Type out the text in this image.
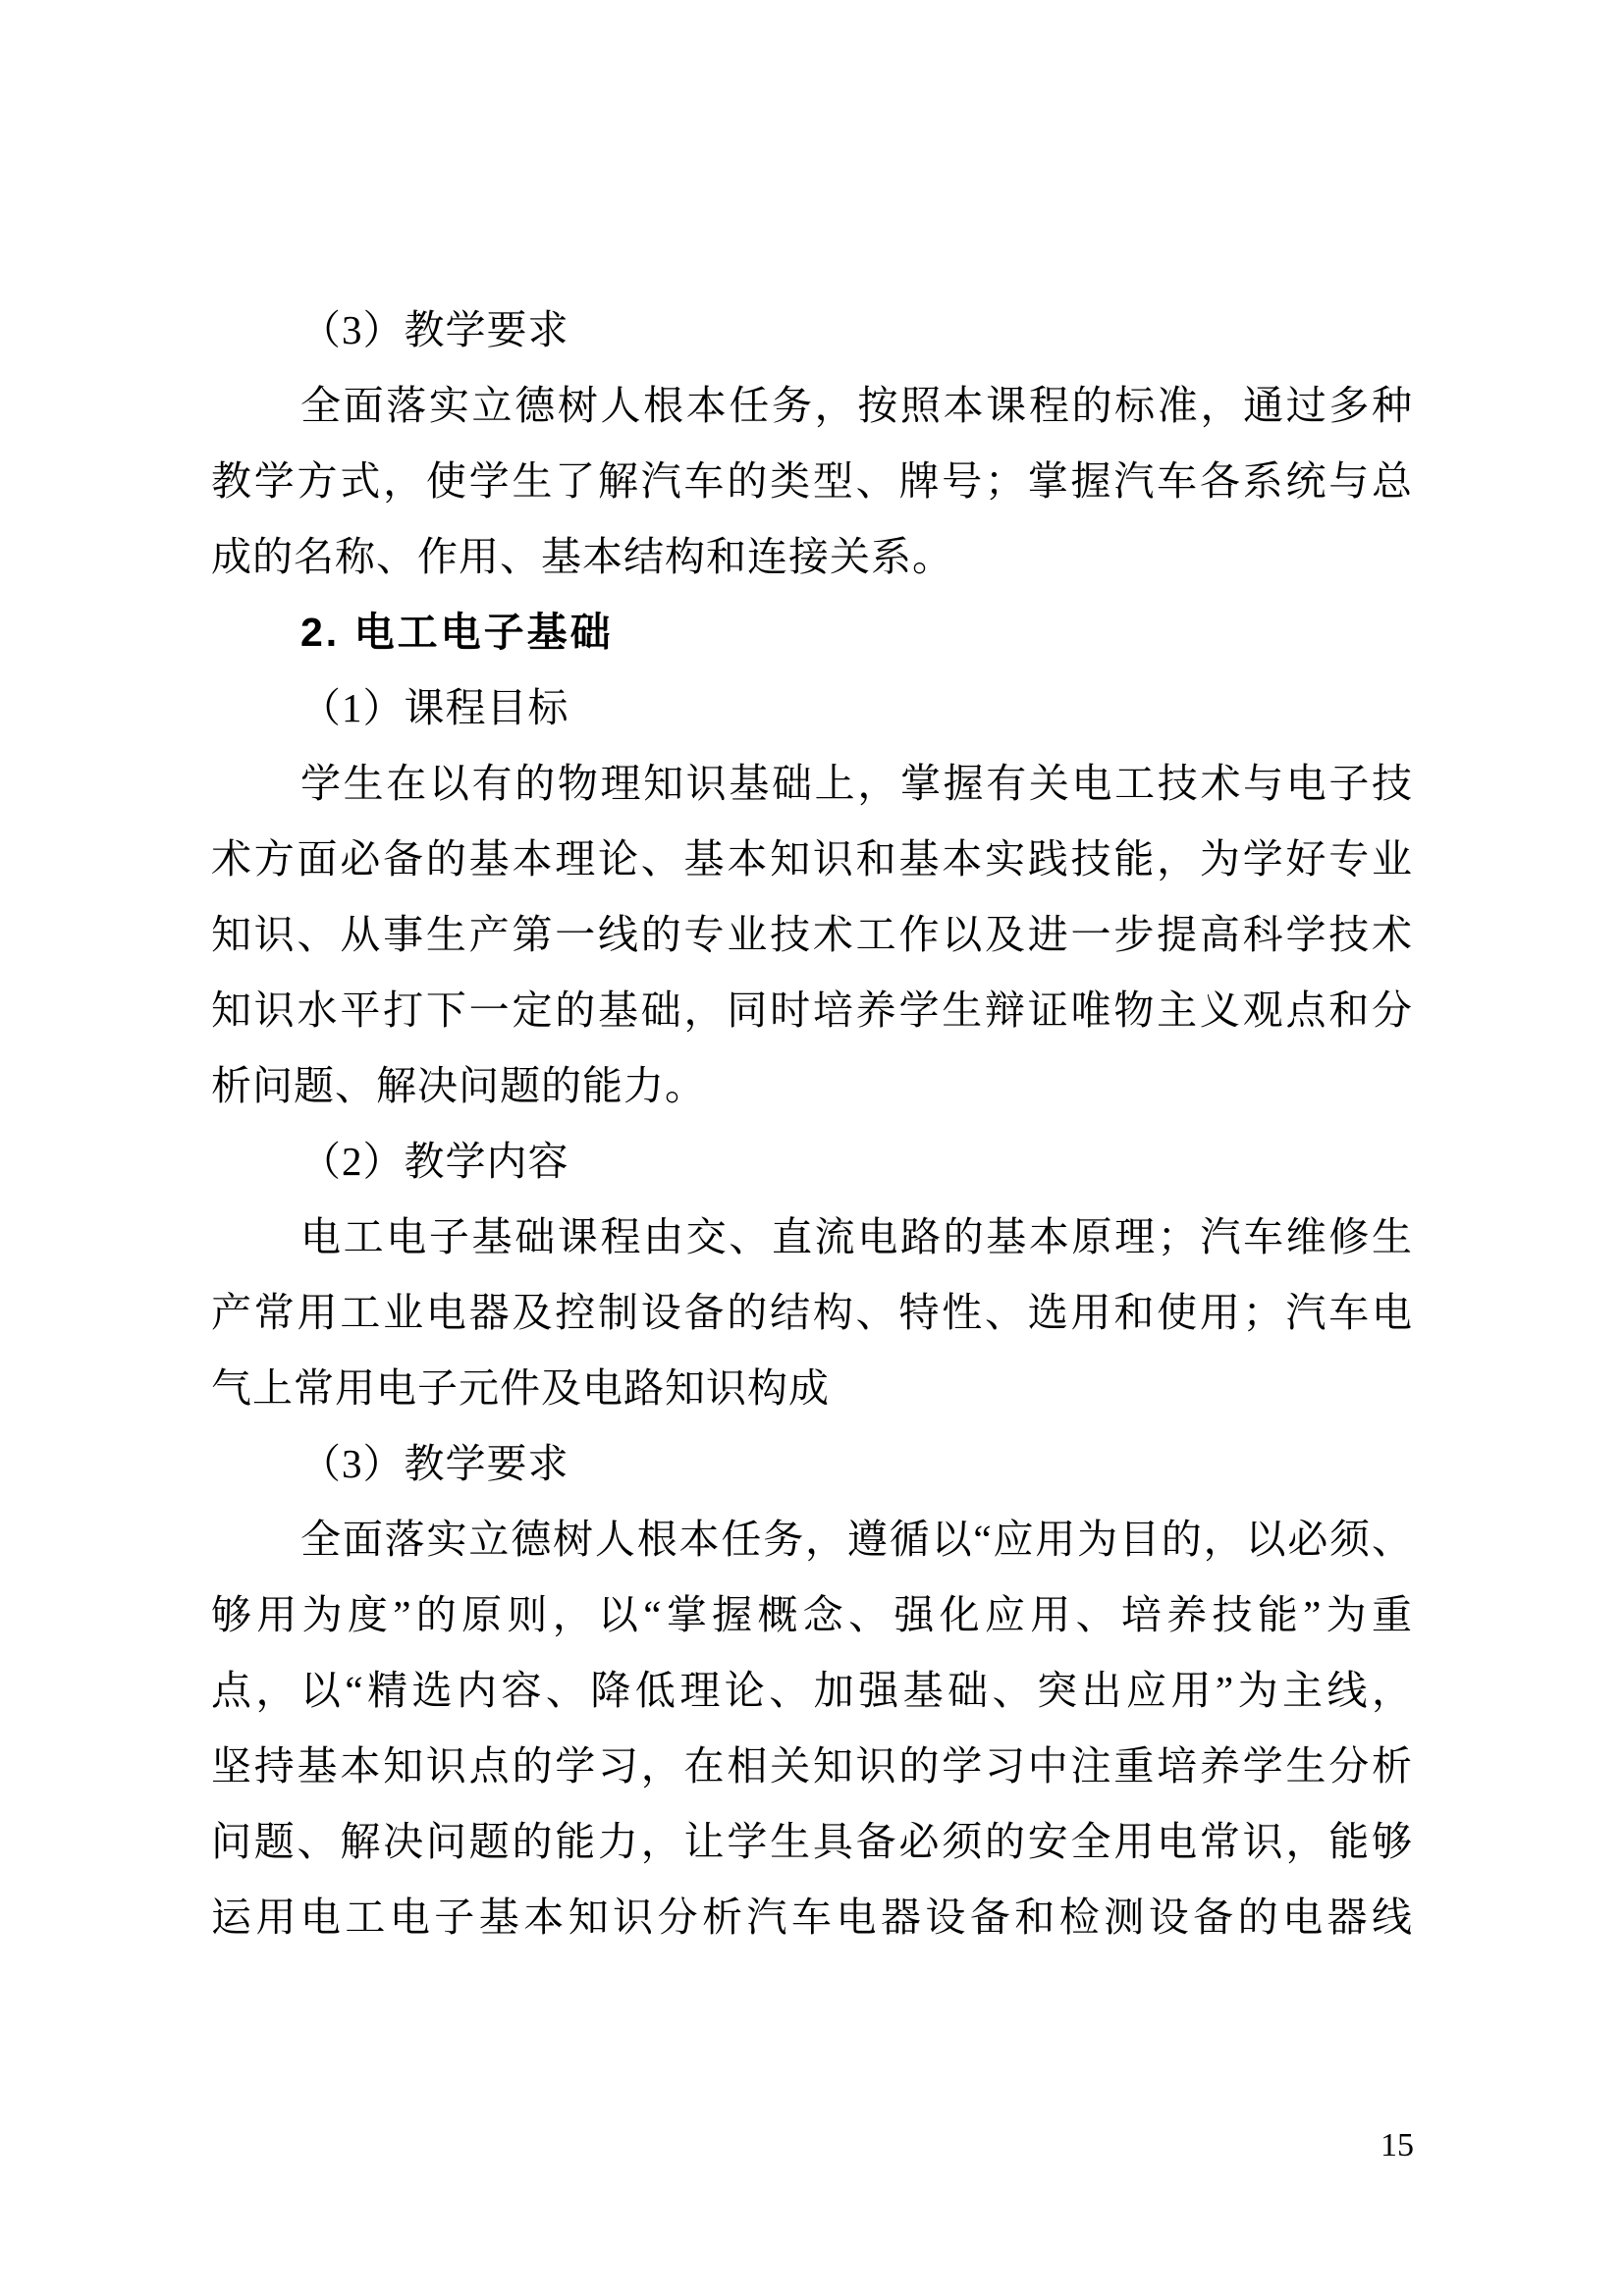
（3）教学要求
全面落实立德树人根本任务，按照本课程的标准，通过多种
教学方式，使学生了解汽车的类型、牌号；掌握汽车各系统与总
成的名称、作用、基本结构和连接关系。
2. 电工电子基础
（1）课程目标
学生在以有的物理知识基础上，掌握有关电工技术与电子技
术方面必备的基本理论、基本知识和基本实践技能，为学好专业
知识、从事生产第一线的专业技术工作以及进一步提高科学技术
知识水平打下一定的基础，同时培养学生辩证唯物主义观点和分
析问题、解决问题的能力。
（2）教学内容
电工电子基础课程由交、直流电路的基本原理；汽车维修生
产常用工业电器及控制设备的结构、特性、选用和使用；汽车电
气上常用电子元件及电路知识构成
（3）教学要求
全面落实立德树人根本任务，遵循以“应用为目的，以必须、
够用为度”的原则，以“掌握概念、强化应用、培养技能”为重
点，以“精选内容、降低理论、加强基础、突出应用”为主线，
坚持基本知识点的学习，在相关知识的学习中注重培养学生分析
问题、解决问题的能力，让学生具备必须的安全用电常识，能够
运用电工电子基本知识分析汽车电器设备和检测设备的电器线
15
